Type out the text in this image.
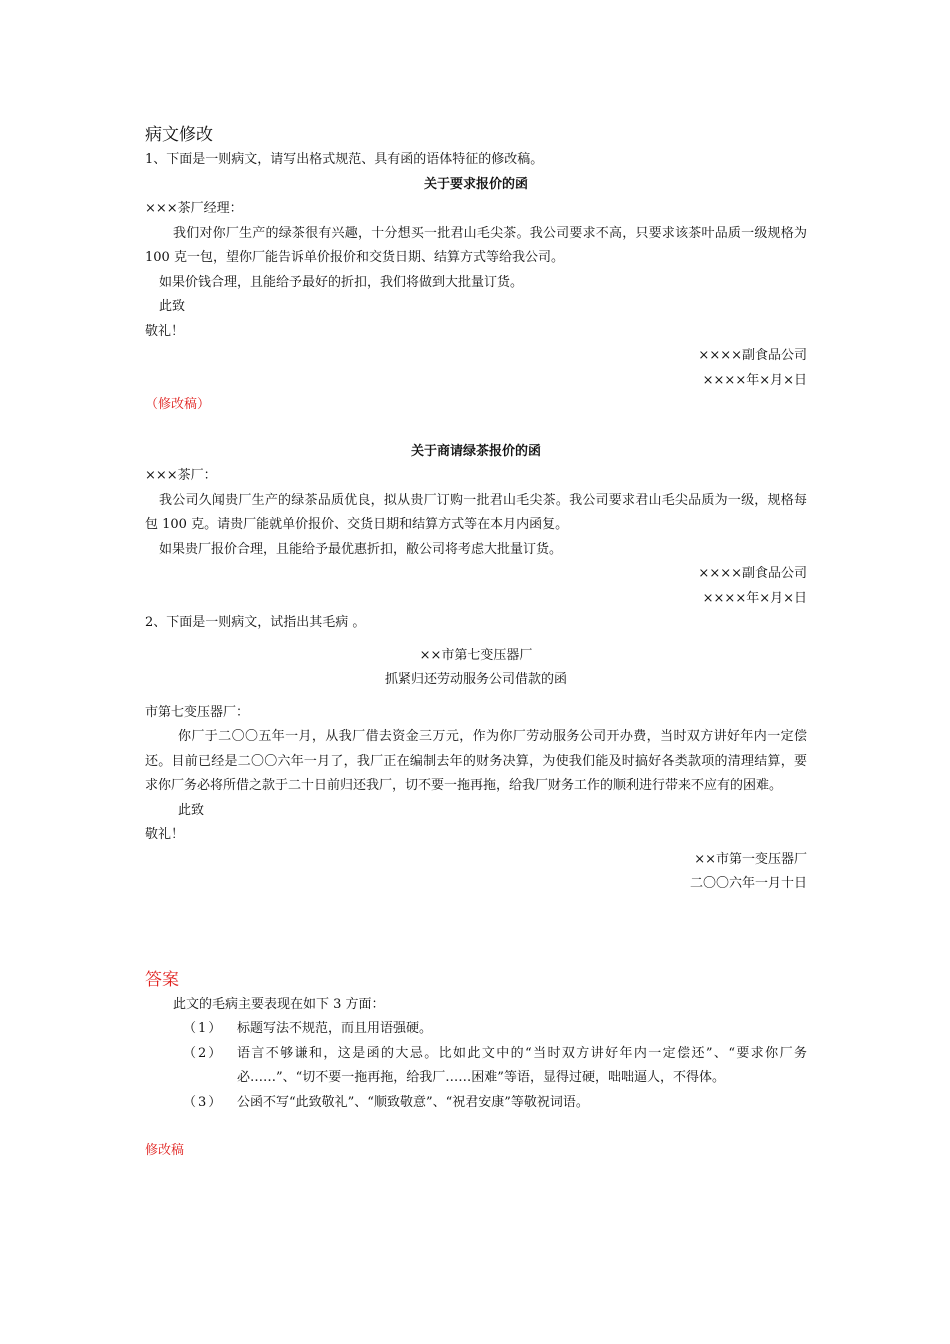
病文修改
1、下面是一则病文，请写出格式规范、具有函的语体特征的修改稿。
关于要求报价的函
×××茶厂经理：
我们对你厂生产的绿茶很有兴趣，十分想买一批君山毛尖茶。我公司要求不高，只要求该茶叶品质一级规格为 100 克一包，望你厂能告诉单价报价和交货日期、结算方式等给我公司。
如果价钱合理，且能给予最好的折扣，我们将做到大批量订货。
此致
敬礼！
××××副食品公司
××××年×月×日
（修改稿）
关于商请绿茶报价的函
×××茶厂：
我公司久闻贵厂生产的绿茶品质优良，拟从贵厂订购一批君山毛尖茶。我公司要求君山毛尖品质为一级，规格每包 100 克。请贵厂能就单价报价、交货日期和结算方式等在本月内函复。
如果贵厂报价合理，且能给予最优惠折扣，敝公司将考虑大批量订货。
××××副食品公司
××××年×月×日
2、下面是一则病文，试指出其毛病 。
××市第七变压器厂
抓紧归还劳动服务公司借款的函
市第七变压器厂：
你厂于二〇〇五年一月，从我厂借去资金三万元，作为你厂劳动服务公司开办费，当时双方讲好年内一定偿还。目前已经是二〇〇六年一月了，我厂正在编制去年的财务决算，为使我们能及时搞好各类款项的清理结算，要求你厂务必将所借之款于二十日前归还我厂，切不要一拖再拖，给我厂财务工作的顺利进行带来不应有的困难。
此致
敬礼！
××市第一变压器厂
二〇〇六年一月十日
答案
此文的毛病主要表现在如下 3 方面：
（1）	标题写法不规范，而且用语强硬。
（2）	语言不够谦和，这是函的大忌。比如此文中的“当时双方讲好年内一定偿还”、“要求你厂务必……”、“切不要一拖再拖，给我厂……困难”等语，显得过硬，咄咄逼人，不得体。
（3）	公函不写“此致敬礼”、“顺致敬意”、“祝君安康”等敬祝词语。
修改稿
